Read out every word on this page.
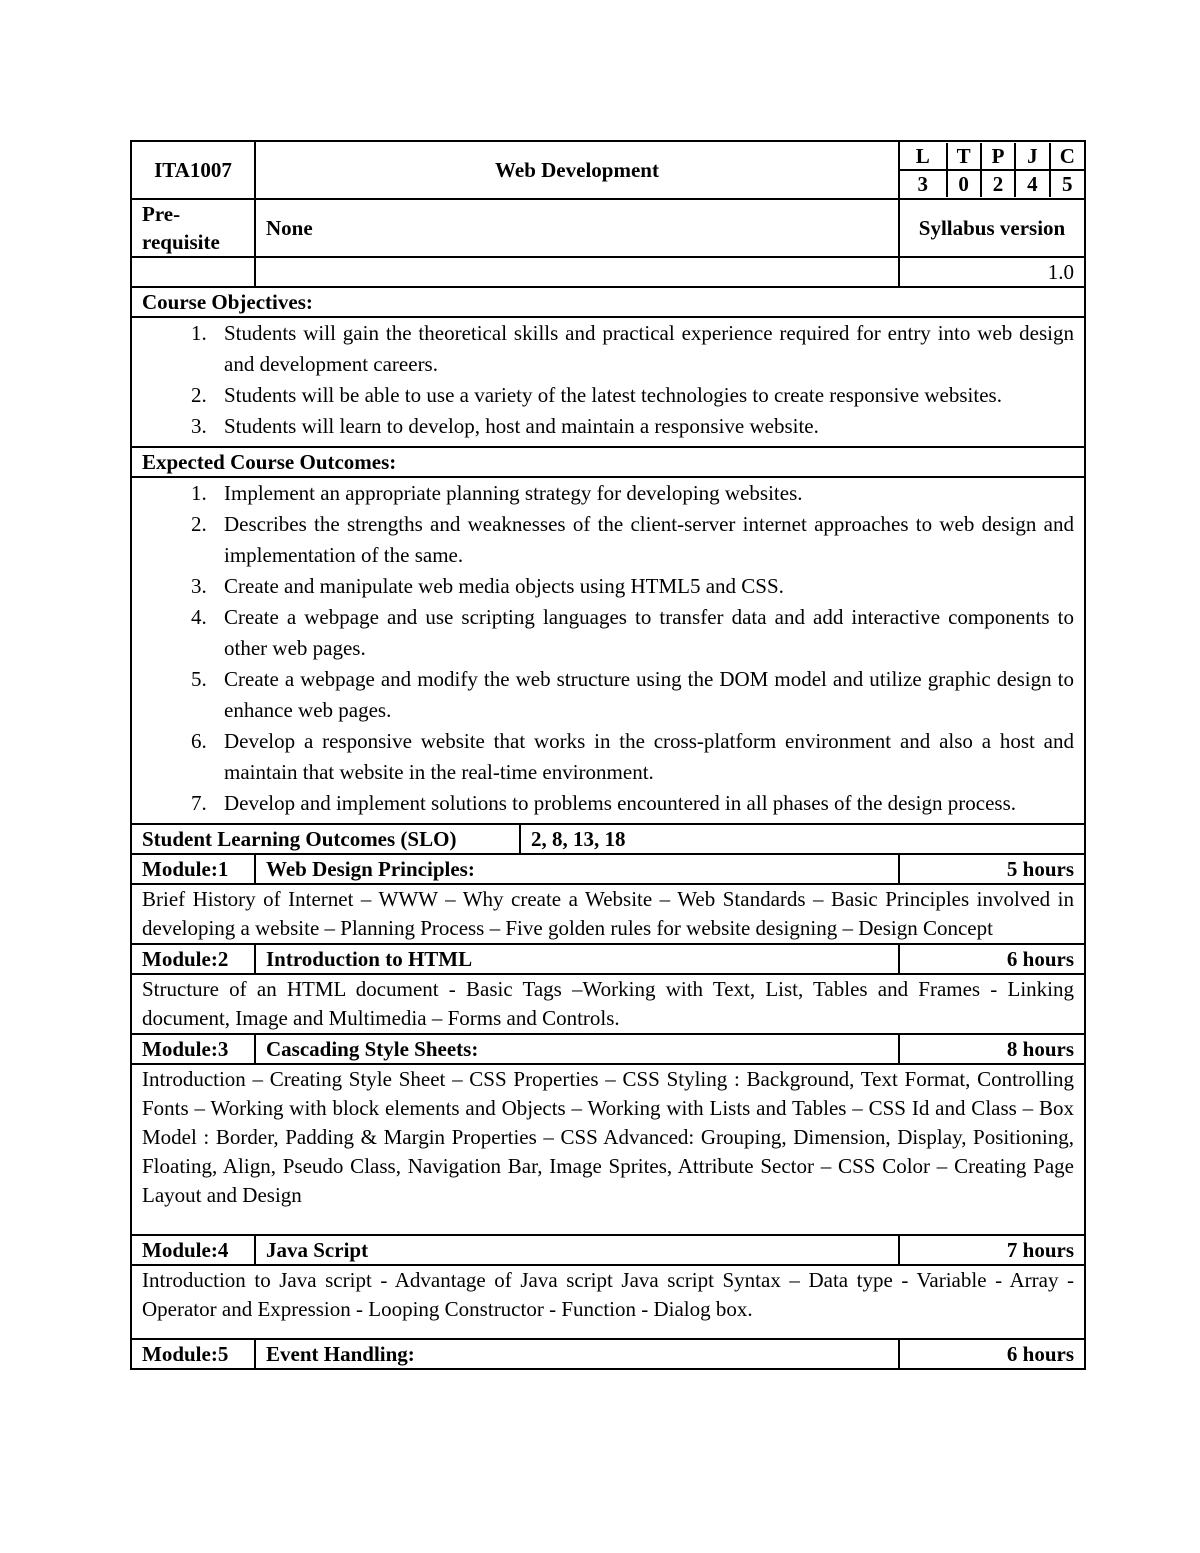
ITA1007	Web Development	
L	T	P	J	C
3	0	2	4	5

Pre-requisite	None	Syllabus version
		1.0
Course Objectives:

1. Students will gain the theoretical skills and practical experience required for entry into web design and development careers.
2. Students will be able to use a variety of the latest technologies to create responsive websites.
3. Students will learn to develop, host and maintain a responsive website.

Expected Course Outcomes:

1. Implement an appropriate planning strategy for developing websites.
2. Describes the strengths and weaknesses of the client-server internet approaches to web design and implementation of the same.
3. Create and manipulate web media objects using HTML5 and CSS.
4. Create a webpage and use scripting languages to transfer data and add interactive components to other web pages.
5. Create a webpage and modify the web structure using the DOM model and utilize graphic design to enhance web pages.
6. Develop a responsive website that works in the cross-platform environment and also a host and maintain that website in the real-time environment.
7. Develop and implement solutions to problems encountered in all phases of the design process.

Student Learning Outcomes (SLO)	2, 8, 13, 18

Module:1	Web Design Principles:	5 hours
Brief History of Internet – WWW – Why create a Website – Web Standards – Basic Principles involved in developing a website – Planning Process – Five golden rules for website designing – Design Concept
Module:2	Introduction to HTML	6 hours
Structure of an HTML document - Basic Tags –Working with Text, List, Tables and Frames - Linking document, Image and Multimedia – Forms and Controls.
Module:3	Cascading Style Sheets:	8 hours
Introduction – Creating Style Sheet – CSS Properties – CSS Styling : Background, Text Format, Controlling Fonts – Working with block elements and Objects – Working with Lists and Tables – CSS Id and Class – Box Model : Border, Padding & Margin Properties – CSS Advanced: Grouping, Dimension, Display, Positioning, Floating, Align, Pseudo Class, Navigation Bar, Image Sprites, Attribute Sector – CSS Color – Creating Page Layout and Design
Module:4	Java Script	7 hours
Introduction to Java script - Advantage of Java script Java script Syntax – Data type - Variable - Array - Operator and Expression - Looping Constructor - Function - Dialog box.
Module:5	Event Handling:	6 hours
